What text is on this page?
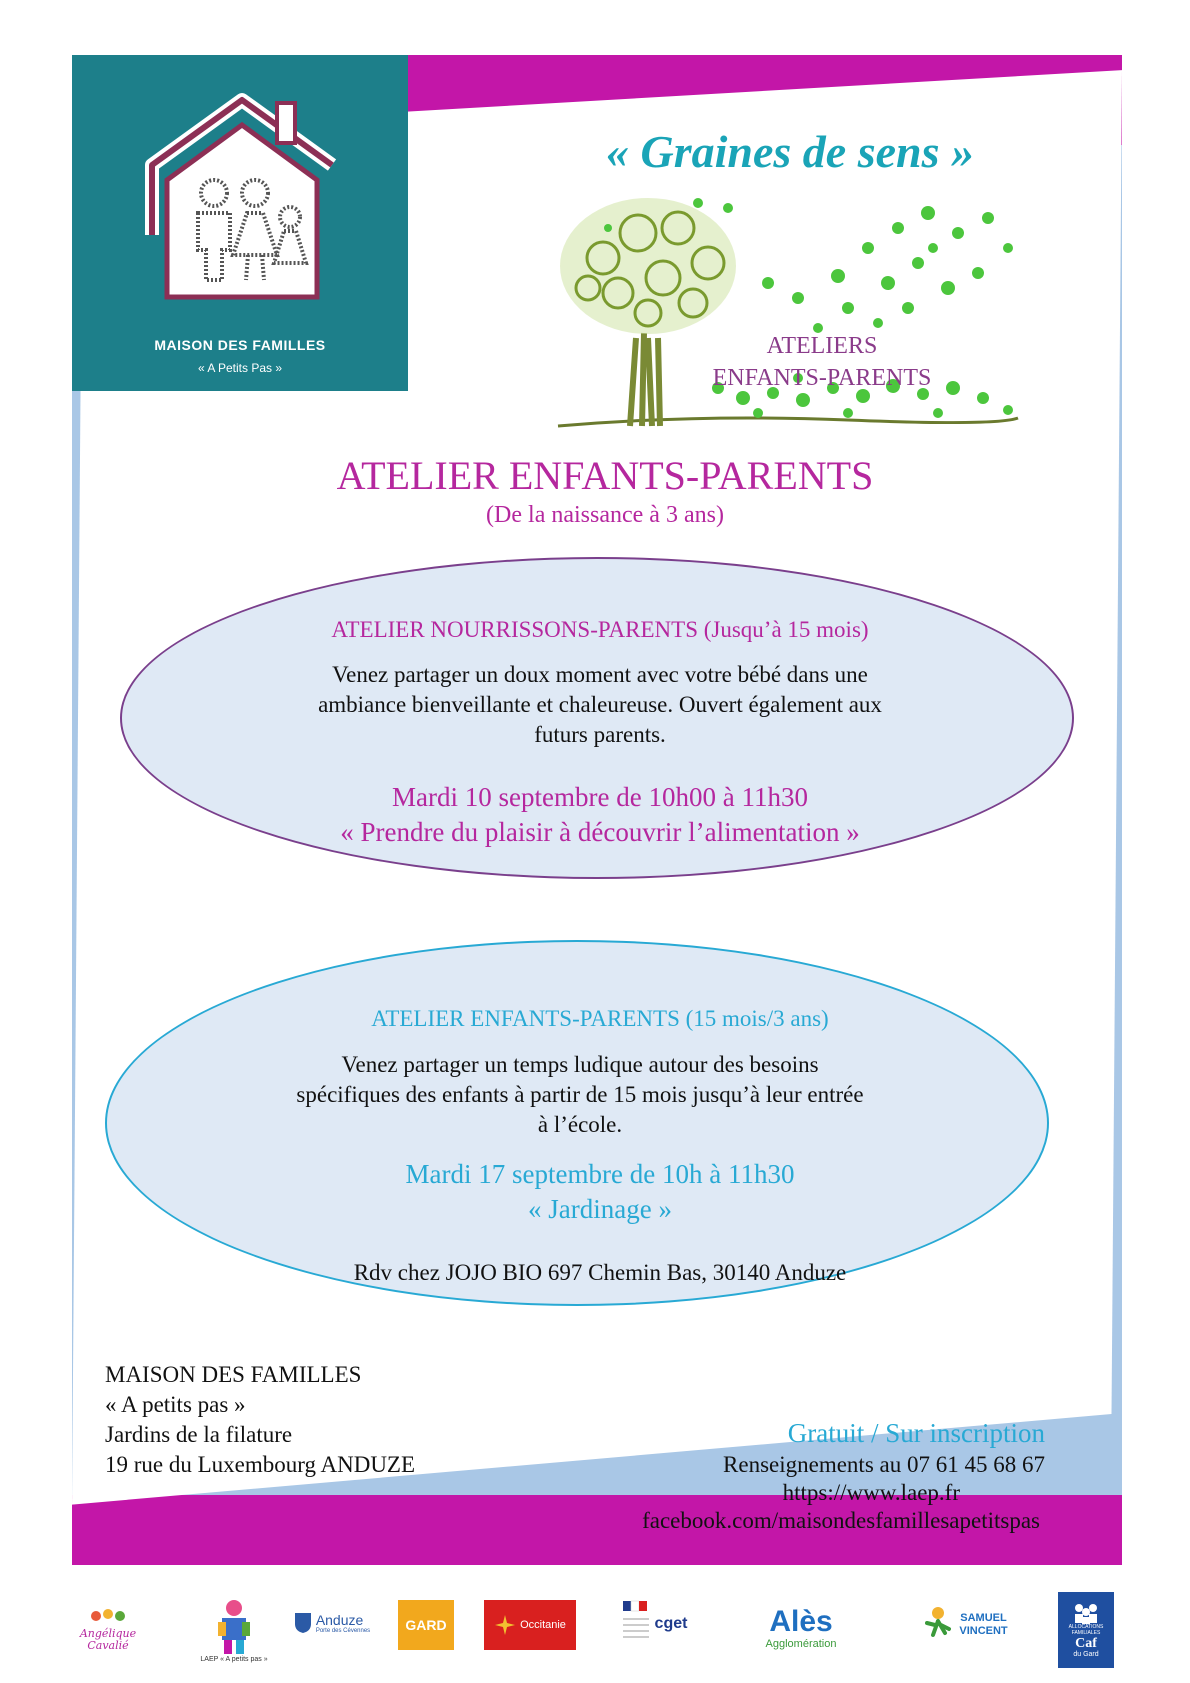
MAISON DES FAMILLES
« A Petits Pas »
« Graines de sens »
ATELIERS
ENFANTS-PARENTS
ATELIER ENFANTS-PARENTS
(De la naissance à 3 ans)
ATELIER NOURRISSONS-PARENTS (Jusqu’à 15 mois)
Venez partager un doux moment avec votre bébé dans une
ambiance bienveillante et chaleureuse. Ouvert également aux
futurs parents.
Mardi 10 septembre de 10h00 à 11h30
« Prendre du plaisir à découvrir l’alimentation »
ATELIER ENFANTS-PARENTS (15 mois/3 ans)
Venez partager un temps ludique autour des besoins
spécifiques des enfants à partir de 15 mois jusqu’à leur entrée
à l’école.
Mardi 17 septembre de 10h à 11h30
« Jardinage »
Rdv chez JOJO BIO 697 Chemin Bas, 30140 Anduze
MAISON DES FAMILLES
« A petits pas »
Jardins de la filature
19 rue du Luxembourg ANDUZE
Gratuit / Sur inscription
Renseignements au 07 61 45 68 67
https://www.laep.fr
facebook.com/maisondesfamillesapetitspas
Angélique Cavalié
LAEP « A petits pas »
Anduze
Porte des Cévennes	GARD	Occitanie	cget	Alès
Agglomération
SAMUEL VINCENT	ALLOCATIONS FAMILIALES
Caf
du Gard
